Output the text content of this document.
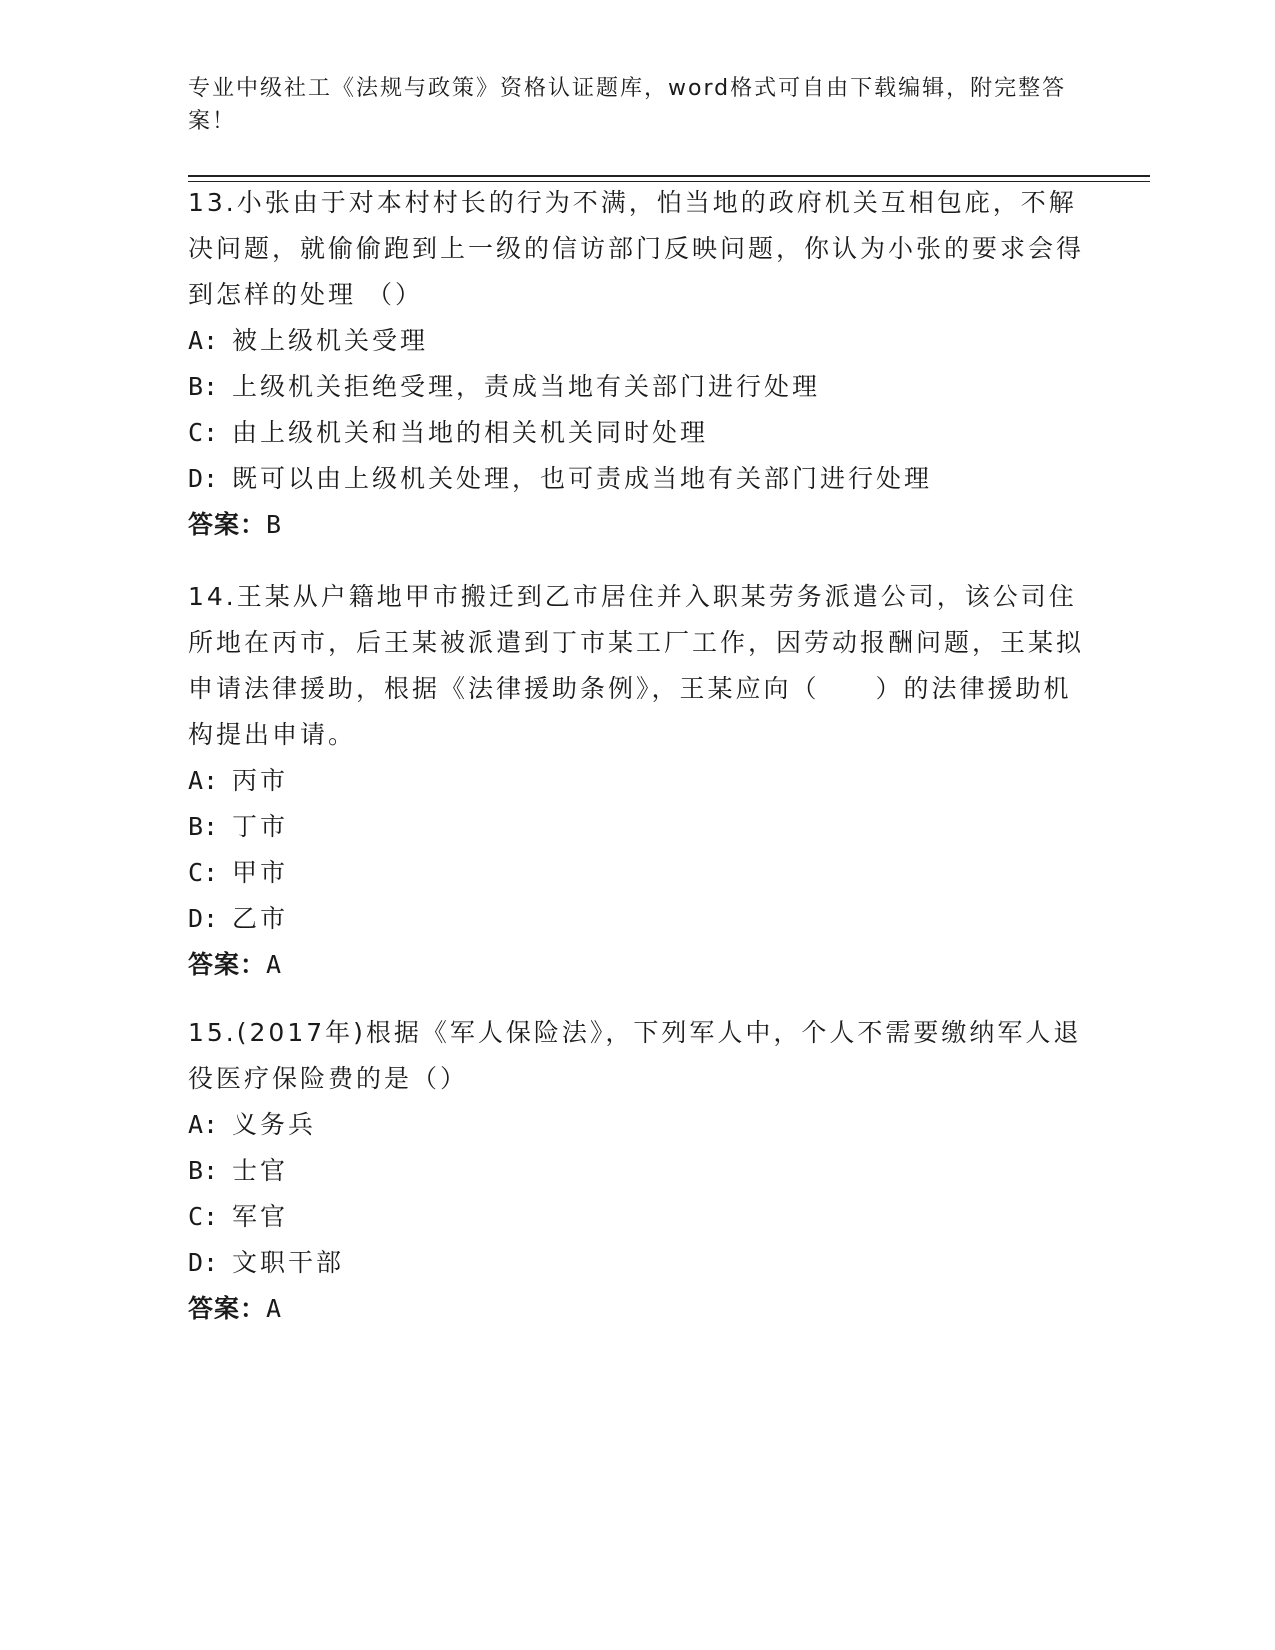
专业中级社工《法规与政策》资格认证题库，word格式可自由下载编辑，附完整答案！

13.小张由于对本村村长的行为不满，怕当地的政府机关互相包庇，不解决问题，就偷偷跑到上一级的信访部门反映问题，你认为小张的要求会得到怎样的处理 （）

A: 被上级机关受理

B: 上级机关拒绝受理，责成当地有关部门进行处理

C: 由上级机关和当地的相关机关同时处理

D: 既可以由上级机关处理，也可责成当地有关部门进行处理

答案：B

14.王某从户籍地甲市搬迁到乙市居住并入职某劳务派遣公司，该公司住所地在丙市，后王某被派遣到丁市某工厂工作，因劳动报酬问题，王某拟申请法律援助，根据《法律援助条例》，王某应向（　　）的法律援助机构提出申请。

A: 丙市

B: 丁市

C: 甲市

D: 乙市

答案：A

15.(2017年)根据《军人保险法》，下列军人中，个人不需要缴纳军人退役医疗保险费的是（）

A: 义务兵

B: 士官

C: 军官

D: 文职干部

答案：A
